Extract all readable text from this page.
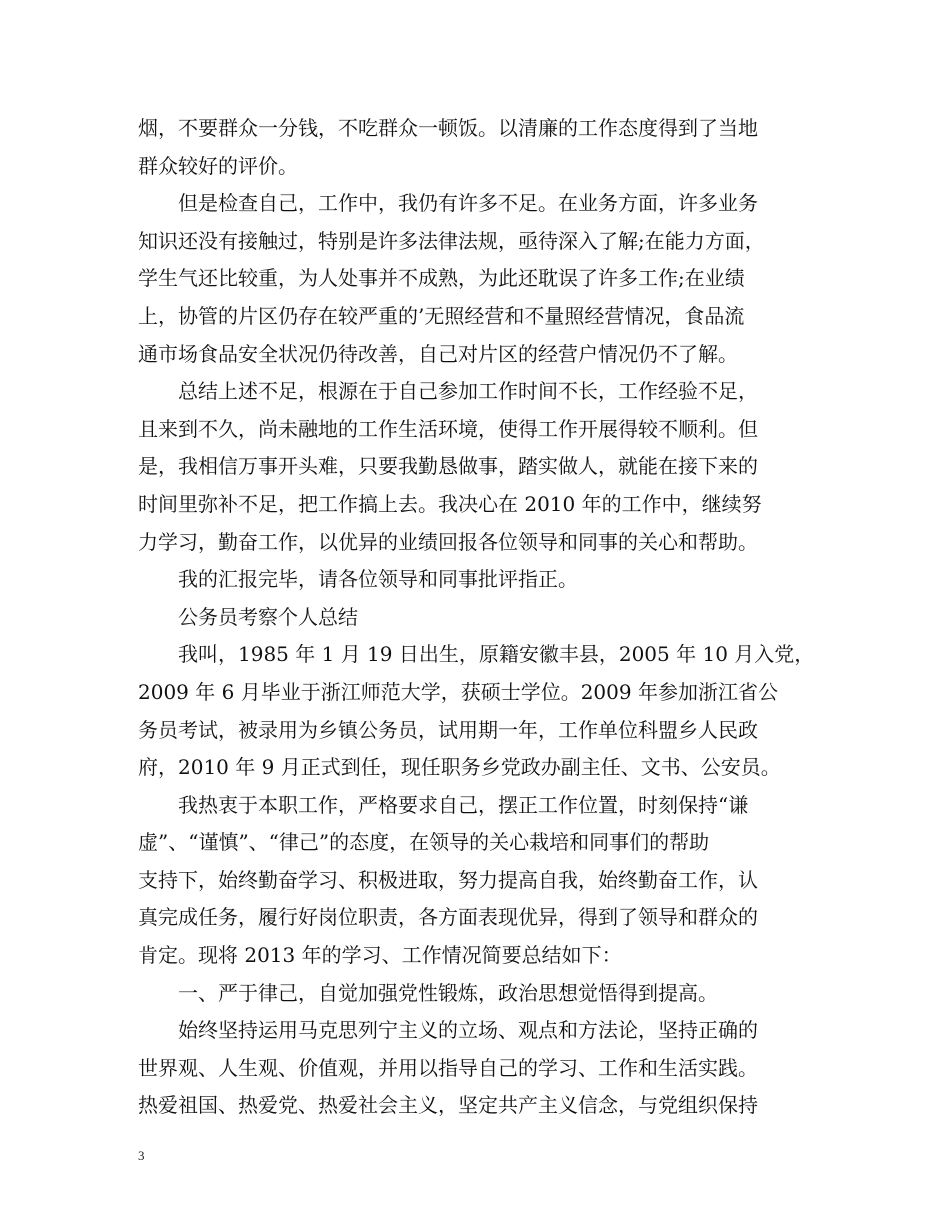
烟，不要群众一分钱，不吃群众一顿饭。以清廉的工作态度得到了当地
群众较好的评价。
但是检查自己，工作中，我仍有许多不足。在业务方面，许多业务
知识还没有接触过，特别是许多法律法规，亟待深入了解;在能力方面，
学生气还比较重，为人处事并不成熟，为此还耽误了许多工作;在业绩
上，协管的片区仍存在较严重的’无照经营和不量照经营情况，食品流
通市场食品安全状况仍待改善，自己对片区的经营户情况仍不了解。
总结上述不足，根源在于自己参加工作时间不长，工作经验不足，
且来到不久，尚未融地的工作生活环境，使得工作开展得较不顺利。但
是，我相信万事开头难，只要我勤恳做事，踏实做人，就能在接下来的
时间里弥补不足，把工作搞上去。我决心在 2010 年的工作中，继续努
力学习，勤奋工作，以优异的业绩回报各位领导和同事的关心和帮助。
我的汇报完毕，请各位领导和同事批评指正。
公务员考察个人总结
我叫，1985 年 1 月 19 日出生，原籍安徽丰县，2005 年 10 月入党，
2009 年 6 月毕业于浙江师范大学，获硕士学位。2009 年参加浙江省公
务员考试，被录用为乡镇公务员，试用期一年，工作单位科盟乡人民政
府，2010 年 9 月正式到任，现任职务乡党政办副主任、文书、公安员。
我热衷于本职工作，严格要求自己，摆正工作位置，时刻保持“谦
虚”、“谨慎”、“律己”的态度，在领导的关心栽培和同事们的帮助
支持下，始终勤奋学习、积极进取，努力提高自我，始终勤奋工作，认
真完成任务，履行好岗位职责，各方面表现优异，得到了领导和群众的
肯定。现将 2013 年的学习、工作情况简要总结如下：
一、严于律己，自觉加强党性锻炼，政治思想觉悟得到提高。
始终坚持运用马克思列宁主义的立场、观点和方法论，坚持正确的
世界观、人生观、价值观，并用以指导自己的学习、工作和生活实践。
热爱祖国、热爱党、热爱社会主义，坚定共产主义信念，与党组织保持
3
